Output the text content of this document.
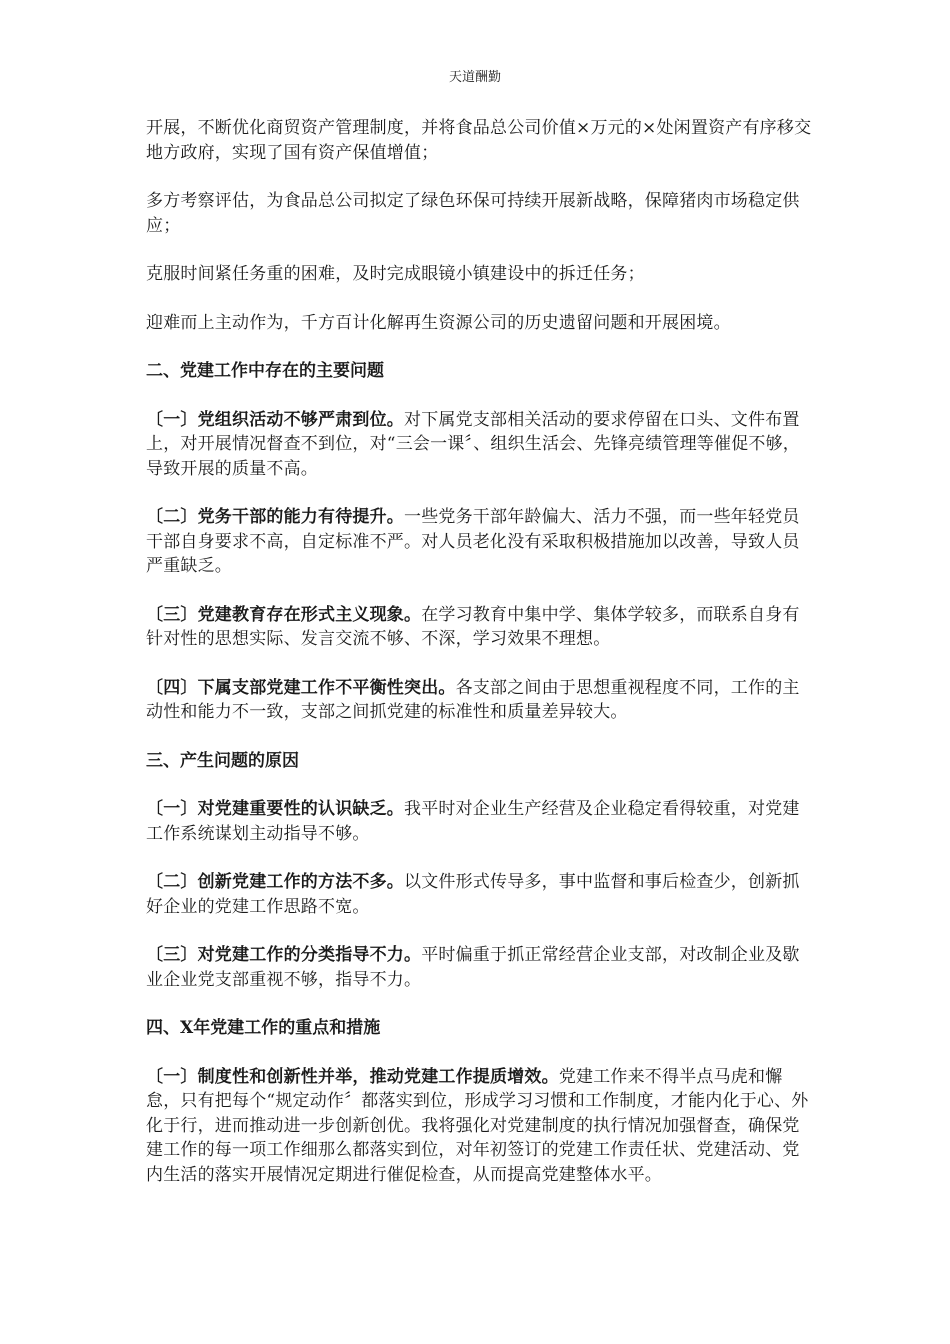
天道酬勤

开展，不断优化商贸资产管理制度，并将食品总公司价值×万元的×处闲置资产有序移交地方政府，实现了国有资产保值增值；

多方考察评估，为食品总公司拟定了绿色环保可持续开展新战略，保障猪肉市场稳定供应；

克服时间紧任务重的困难，及时完成眼镜小镇建设中的拆迁任务；

迎难而上主动作为，千方百计化解再生资源公司的历史遗留问题和开展困境。

二、党建工作中存在的主要问题

〔一〕党组织活动不够严肃到位。对下属党支部相关活动的要求停留在口头、文件布置上，对开展情况督查不到位，对“三会一课〞、组织生活会、先锋亮绩管理等催促不够，导致开展的质量不高。

〔二〕党务干部的能力有待提升。一些党务干部年龄偏大、活力不强，而一些年轻党员干部自身要求不高，自定标准不严。对人员老化没有采取积极措施加以改善，导致人员严重缺乏。

〔三〕党建教育存在形式主义现象。在学习教育中集中学、集体学较多，而联系自身有针对性的思想实际、发言交流不够、不深，学习效果不理想。

〔四〕下属支部党建工作不平衡性突出。各支部之间由于思想重视程度不同，工作的主动性和能力不一致，支部之间抓党建的标准性和质量差异较大。

三、产生问题的原因

〔一〕对党建重要性的认识缺乏。我平时对企业生产经营及企业稳定看得较重，对党建工作系统谋划主动指导不够。

〔二〕创新党建工作的方法不多。以文件形式传导多，事中监督和事后检查少，创新抓好企业的党建工作思路不宽。

〔三〕对党建工作的分类指导不力。平时偏重于抓正常经营企业支部，对改制企业及歇业企业党支部重视不够，指导不力。

四、X年党建工作的重点和措施

〔一〕制度性和创新性并举，推动党建工作提质增效。党建工作来不得半点马虎和懈怠，只有把每个“规定动作〞都落实到位，形成学习习惯和工作制度，才能内化于心、外化于行，进而推动进一步创新创优。我将强化对党建制度的执行情况加强督查，确保党建工作的每一项工作细那么都落实到位，对年初签订的党建工作责任状、党建活动、党内生活的落实开展情况定期进行催促检查，从而提高党建整体水平。
